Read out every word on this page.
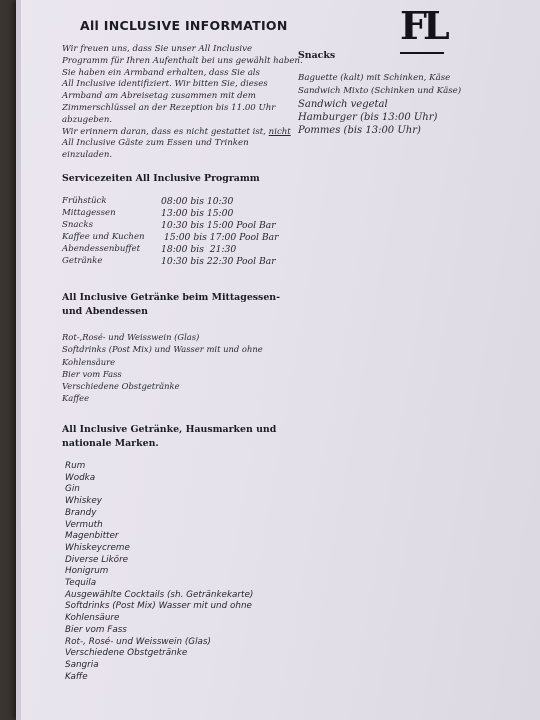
All INCLUSIVE INFORMATION	FL
Wir freuen uns, dass Sie unser All Inclusive
Programm für Ihren Aufenthalt bei uns gewählt haben.
Sie haben ein Armband erhalten, dass Sie als
All Inclusive identifiziert. Wir bitten Sie, dieses
Armband am Abreisetag zusammen mit dem
Zimmerschlüssel an der Rezeption bis 11.00 Uhr
abzugeben.
Wir erinnern daran, dass es nicht gestattet ist, nicht
All Inclusive Gäste zum Essen und Trinken
einzuladen.
Snacks
Baguette (kalt) mit Schinken, Käse
Sandwich Mixto (Schinken und Käse)
Sandwich vegetal
Hamburger (bis 13:00 Uhr)
Pommes (bis 13:00 Uhr)
Servicezeiten All Inclusive Programm
Frühstück	08:00 bis 10:30
Mittagessen	13:00 bis 15:00
Snacks	10:30 bis 15:00 Pool Bar
Kaffee und Kuchen	15:00 bis 17:00 Pool Bar
Abendessenbuffet	18:00 bis  21:30
Getränke	10:30 bis 22:30 Pool Bar
All Inclusive Getränke beim Mittagessen- und Abendessen
Rot-,Rosé- und Weisswein (Glas)
Softdrinks (Post Mix) und Wasser mit und ohne
Kohlensäure
Bier vom Fass
Verschiedene Obstgetränke
Kaffee
All Inclusive Getränke, Hausmarken und nationale Marken.
Rum
Wodka
Gin
Whiskey
Brandy
Vermuth
Magenbitter
Whiskeycreme
Diverse Liköre
Honigrum
Tequila
Ausgewählte Cocktails (sh. Getränkekarte)
Softdrinks (Post Mix) Wasser mit und ohne
Kohlensäure
Bier vom Fass
Rot-, Rosé- und Weisswein (Glas)
Verschiedene Obstgetränke
Sangria
Kaffe
